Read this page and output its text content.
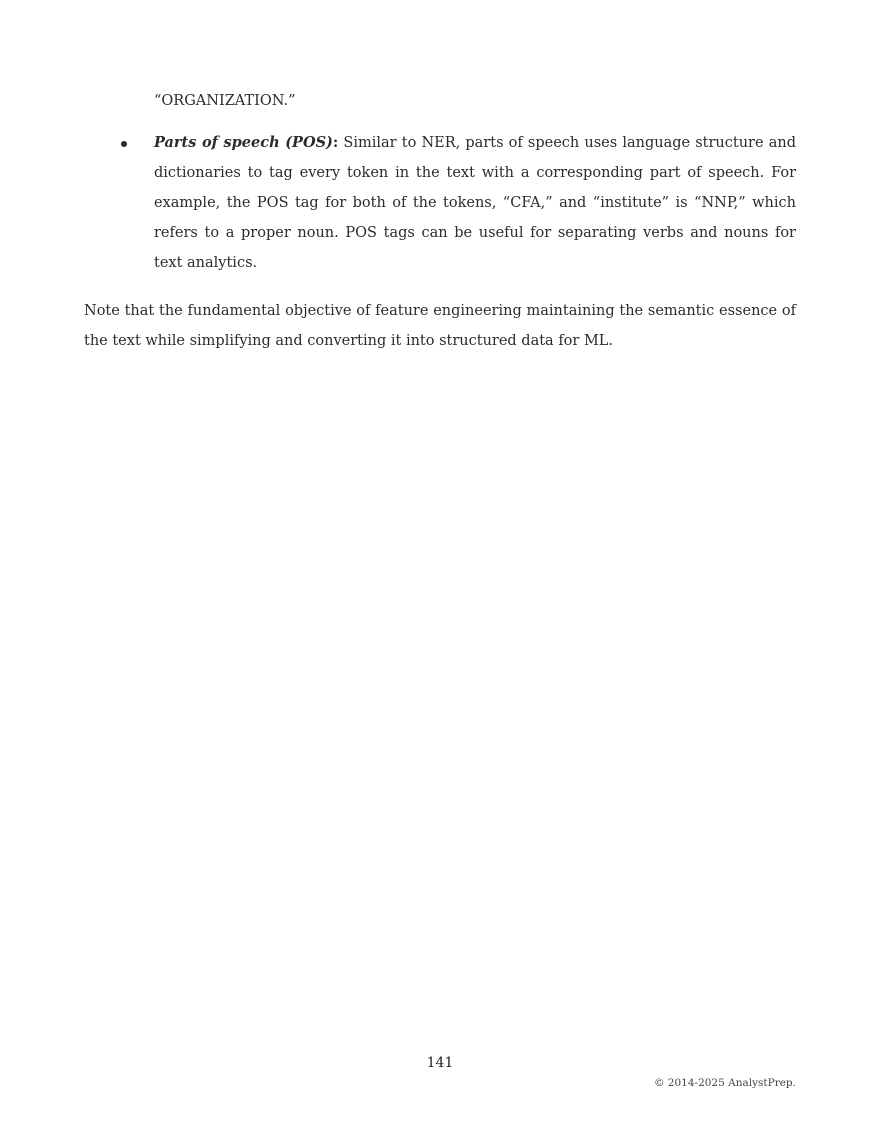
“ORGANIZATION.”

Parts of speech (POS): Similar to NER, parts of speech uses language structure and dictionaries to tag every token in the text with a corresponding part of speech. For example, the POS tag for both of the tokens, “CFA,” and “institute” is “NNP,” which refers to a proper noun. POS tags can be useful for separating verbs and nouns for text analytics.

Note that the fundamental objective of feature engineering maintaining the semantic essence of the text while simplifying and converting it into structured data for ML.

141
© 2014-2025 AnalystPrep.
